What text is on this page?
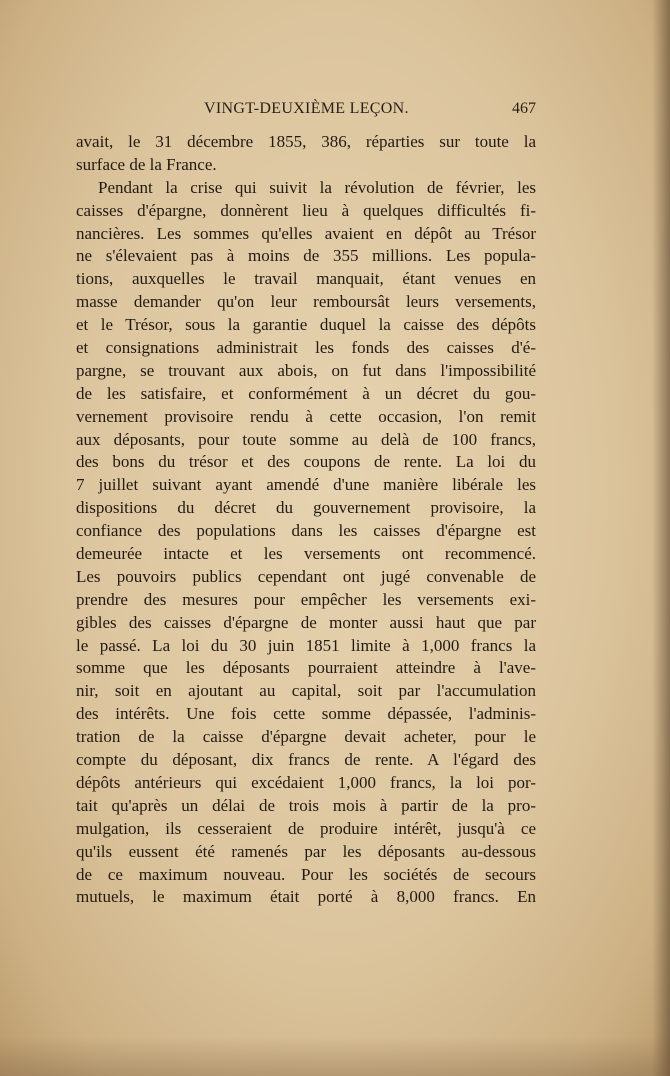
VINGT-DEUXIÈME LEÇON.	467
avait, le 31 décembre 1855, 386, réparties sur toute la
surface de la France.
Pendant la crise qui suivit la révolution de février, les
caisses d'épargne, donnèrent lieu à quelques difficultés fi-
nancières. Les sommes qu'elles avaient en dépôt au Trésor
ne s'élevaient pas à moins de 355 millions. Les popula-
tions, auxquelles le travail manquait, étant venues en
masse demander qu'on leur remboursât leurs versements,
et le Trésor, sous la garantie duquel la caisse des dépôts
et consignations administrait les fonds des caisses d'é-
pargne, se trouvant aux abois, on fut dans l'impossibilité
de les satisfaire, et conformément à un décret du gou-
vernement provisoire rendu à cette occasion, l'on remit
aux déposants, pour toute somme au delà de 100 francs,
des bons du trésor et des coupons de rente. La loi du
7 juillet suivant ayant amendé d'une manière libérale les
dispositions du décret du gouvernement provisoire, la
confiance des populations dans les caisses d'épargne est
demeurée intacte et les versements ont recommencé.
Les pouvoirs publics cependant ont jugé convenable de
prendre des mesures pour empêcher les versements exi-
gibles des caisses d'épargne de monter aussi haut que par
le passé. La loi du 30 juin 1851 limite à 1,000 francs la
somme que les déposants pourraient atteindre à l'ave-
nir, soit en ajoutant au capital, soit par l'accumulation
des intérêts. Une fois cette somme dépassée, l'adminis-
tration de la caisse d'épargne devait acheter, pour le
compte du déposant, dix francs de rente. A l'égard des
dépôts antérieurs qui excédaient 1,000 francs, la loi por-
tait qu'après un délai de trois mois à partir de la pro-
mulgation, ils cesseraient de produire intérêt, jusqu'à ce
qu'ils eussent été ramenés par les déposants au-dessous
de ce maximum nouveau. Pour les sociétés de secours
mutuels, le maximum était porté à 8,000 francs. En
